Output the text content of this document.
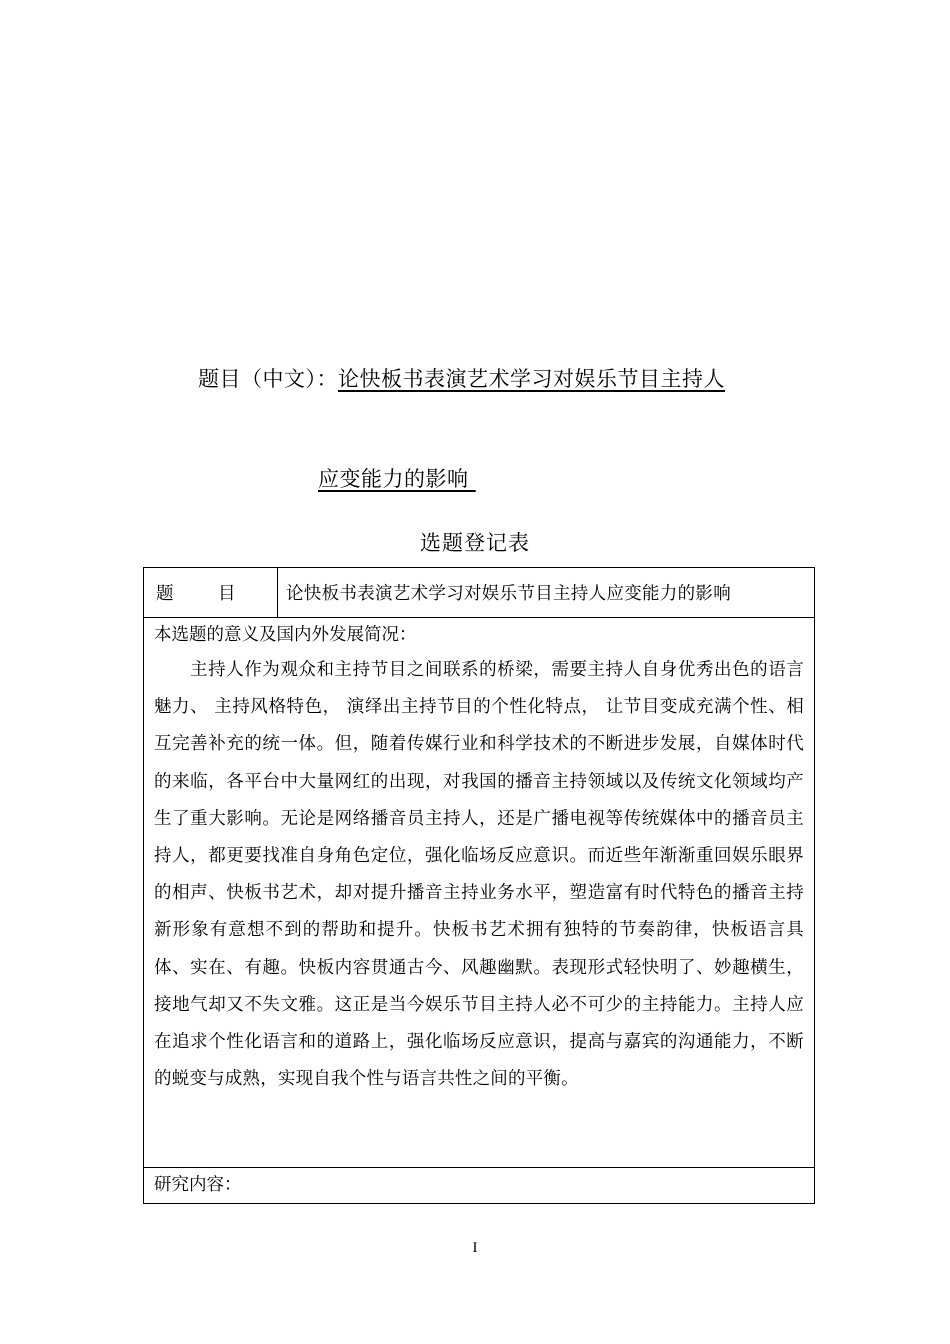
题目（中文）：论快板书表演艺术学习对娱乐节目主持人
应变能力的影响
选题登记表
题	目	论快板书表演艺术学习对娱乐节目主持人应变能力的影响

本选题的意义及国内外发展简况：

主持人作为观众和主持节目之间联系的桥梁，需要主持人自身优秀出色的语言魅力、 主持风格特色， 演绎出主持节目的个性化特点， 让节目变成充满个性、相互完善补充的统一体。但，随着传媒行业和科学技术的不断进步发展，自媒体时代的来临，各平台中大量网红的出现，对我国的播音主持领域以及传统文化领域均产生了重大影响。无论是网络播音员主持人，还是广播电视等传统媒体中的播音员主持人，都更要找准自身角色定位，强化临场反应意识。而近些年渐渐重回娱乐眼界的相声、快板书艺术，却对提升播音主持业务水平，塑造富有时代特色的播音主持新形象有意想不到的帮助和提升。快板书艺术拥有独特的节奏韵律，快板语言具体、实在、有趣。快板内容贯通古今、风趣幽默。表现形式轻快明了、妙趣横生，接地气却又不失文雅。这正是当今娱乐节目主持人必不可少的主持能力。主持人应在追求个性化语言和的道路上，强化临场反应意识，提高与嘉宾的沟通能力，不断的蜕变与成熟，实现自我个性与语言共性之间的平衡。

研究内容：
I
